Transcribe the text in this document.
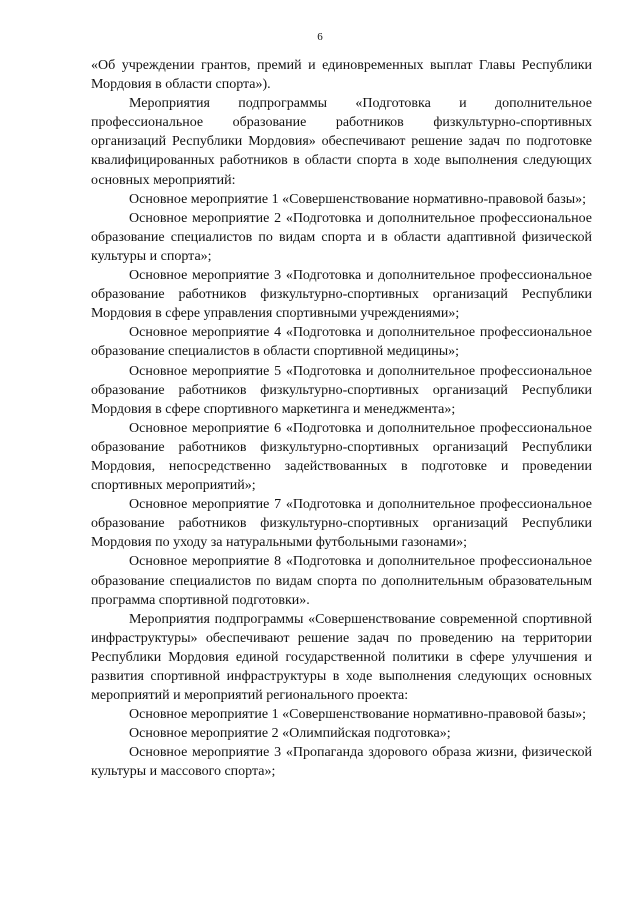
6

«Об учреждении грантов, премий и единовременных выплат Главы Республики Мордовия в области спорта»).

Мероприятия подпрограммы «Подготовка и дополнительное профессиональное образование работников физкультурно-спортивных организаций Республики Мордовия» обеспечивают решение задач по подготовке квалифицированных работников в области спорта в ходе выполнения следующих основных мероприятий:

Основное мероприятие 1 «Совершенствование нормативно-правовой базы»;

Основное мероприятие 2 «Подготовка и дополнительное профессиональное образование специалистов по видам спорта и в области адаптивной физической культуры и спорта»;

Основное мероприятие 3 «Подготовка и дополнительное профессиональное образование работников физкультурно-спортивных организаций Республики Мордовия в сфере управления спортивными учреждениями»;

Основное мероприятие 4 «Подготовка и дополнительное профессиональное образование специалистов в области спортивной медицины»;

Основное мероприятие 5 «Подготовка и дополнительное профессиональное образование работников физкультурно-спортивных организаций Республики Мордовия в сфере спортивного маркетинга и менеджмента»;

Основное мероприятие 6 «Подготовка и дополнительное профессиональное образование работников физкультурно-спортивных организаций Республики Мордовия, непосредственно задействованных в подготовке и проведении спортивных мероприятий»;

Основное мероприятие 7 «Подготовка и дополнительное профессиональное образование работников физкультурно-спортивных организаций Республики Мордовия по уходу за натуральными футбольными газонами»;

Основное мероприятие 8 «Подготовка и дополнительное профессиональное образование специалистов по видам спорта по дополнительным образовательным программа спортивной подготовки».

Мероприятия подпрограммы «Совершенствование современной спортивной инфраструктуры» обеспечивают решение задач по проведению на территории Республики Мордовия единой государственной политики в сфере улучшения и развития спортивной инфраструктуры в ходе выполнения следующих основных мероприятий и мероприятий регионального проекта:

Основное мероприятие 1 «Совершенствование нормативно-правовой базы»;

Основное мероприятие 2 «Олимпийская подготовка»;

Основное мероприятие 3 «Пропаганда здорового образа жизни, физической культуры и массового спорта»;
